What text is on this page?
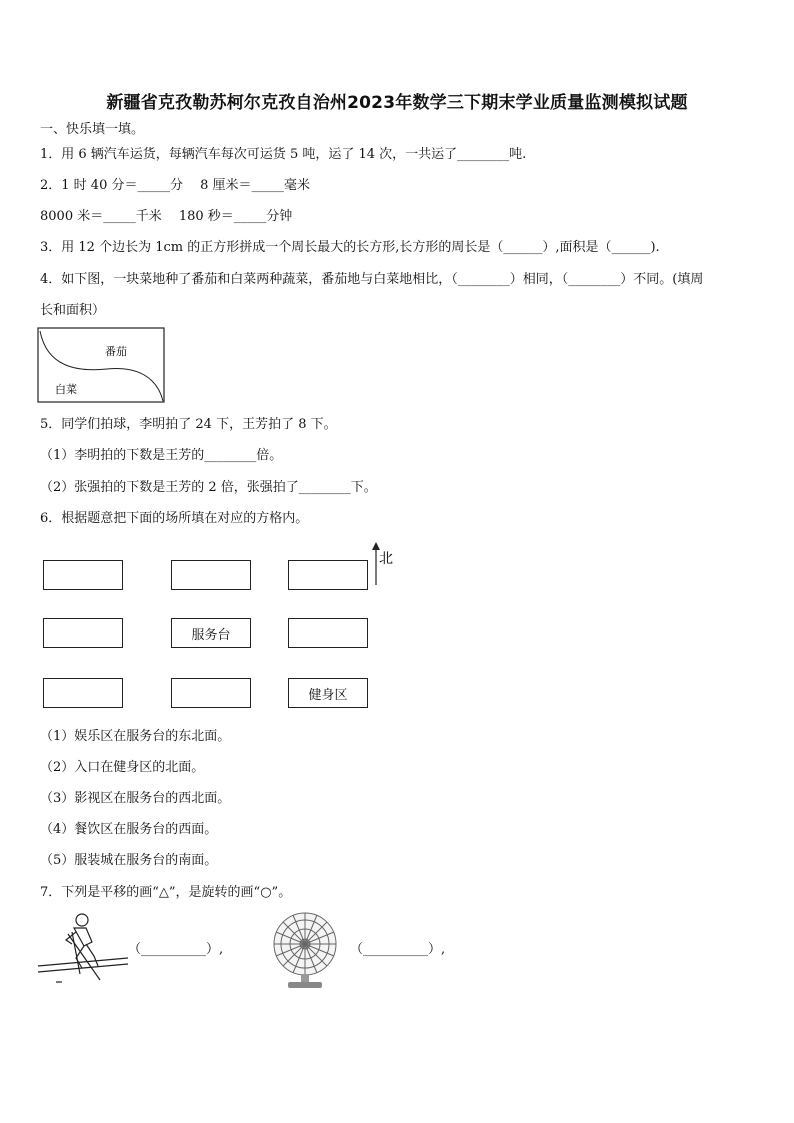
新疆省克孜勒苏柯尔克孜自治州2023年数学三下期末学业质量监测模拟试题
一、快乐填一填。
1．用 6 辆汽车运货，每辆汽车每次可运货 5 吨，运了 14 次，一共运了________吨.
2．1 时 40 分＝_____分　 8 厘米＝_____毫米
8000 米＝_____千米　 180 秒＝_____分钟
3．用 12 个边长为 1cm 的正方形拼成一个周长最大的长方形,长方形的周长是（______）,面积是（______).
4．如下图，一块菜地种了番茄和白菜两种蔬菜，番茄地与白菜地相比，（________）相同，（________）不同。(填周
长和面积）
番茄
白菜
5．同学们拍球，李明拍了 24 下，王芳拍了 8 下。
（1）李明拍的下数是王芳的________倍。
（2）张强拍的下数是王芳的 2 倍，张强拍了________下。
6．根据题意把下面的场所填在对应的方格内。
服务台
健身区
北
（1）娱乐区在服务台的东北面。
（2）入口在健身区的北面。
（3）影视区在服务台的西北面。
（4）餐饮区在服务台的西面。
（5）服装城在服务台的南面。
7．下列是平移的画“△”，是旋转的画“○”。
（__________）,	（__________）,
